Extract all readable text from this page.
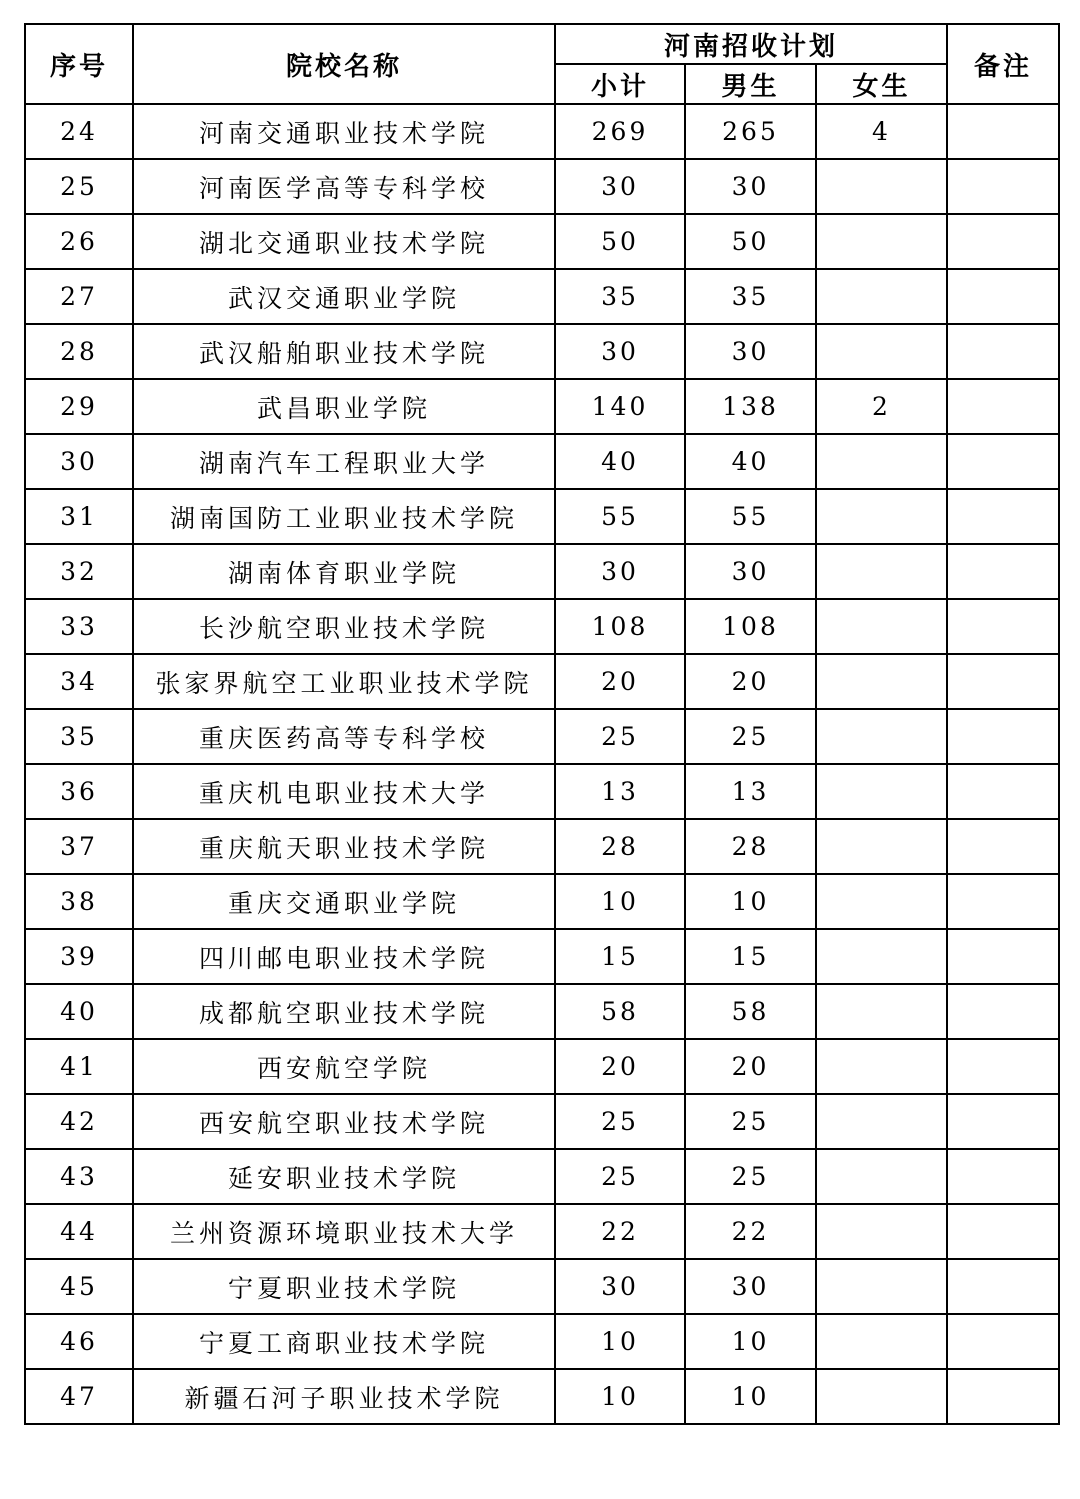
序号	院校名称	河南招收计划			备注
		小计	男生	女生	
24	河南交通职业技术学院	269	265	4	
25	河南医学高等专科学校	30	30		
26	湖北交通职业技术学院	50	50		
27	武汉交通职业学院	35	35		
28	武汉船舶职业技术学院	30	30		
29	武昌职业学院	140	138	2	
30	湖南汽车工程职业大学	40	40		
31	湖南国防工业职业技术学院	55	55		
32	湖南体育职业学院	30	30		
33	长沙航空职业技术学院	108	108		
34	张家界航空工业职业技术学院	20	20		
35	重庆医药高等专科学校	25	25		
36	重庆机电职业技术大学	13	13		
37	重庆航天职业技术学院	28	28		
38	重庆交通职业学院	10	10		
39	四川邮电职业技术学院	15	15		
40	成都航空职业技术学院	58	58		
41	西安航空学院	20	20		
42	西安航空职业技术学院	25	25		
43	延安职业技术学院	25	25		
44	兰州资源环境职业技术大学	22	22		
45	宁夏职业技术学院	30	30		
46	宁夏工商职业技术学院	10	10		
47	新疆石河子职业技术学院	10	10		
